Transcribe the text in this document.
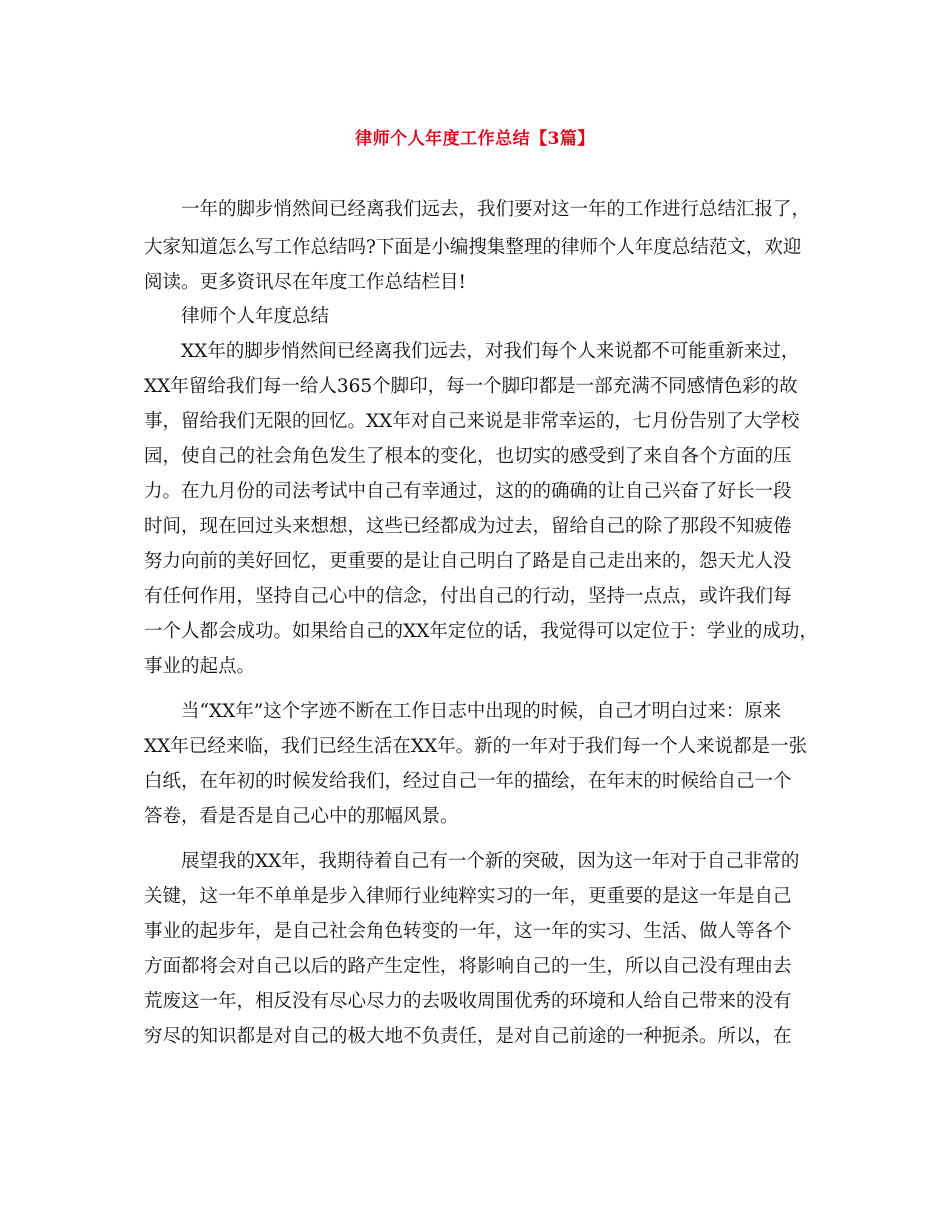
律师个人年度工作总结【3篇】
一年的脚步悄然间已经离我们远去，我们要对这一年的工作进行总结汇报了，
大家知道怎么写工作总结吗?下面是小编搜集整理的律师个人年度总结范文，欢迎
阅读。更多资讯尽在年度工作总结栏目!
律师个人年度总结
XX年的脚步悄然间已经离我们远去，对我们每个人来说都不可能重新来过，
XX年留给我们每一给人365个脚印，每一个脚印都是一部充满不同感情色彩的故
事，留给我们无限的回忆。XX年对自己来说是非常幸运的，七月份告别了大学校
园，使自己的社会角色发生了根本的变化，也切实的感受到了来自各个方面的压
力。在九月份的司法考试中自己有幸通过，这的的确确的让自己兴奋了好长一段
时间，现在回过头来想想，这些已经都成为过去，留给自己的除了那段不知疲倦
努力向前的美好回忆，更重要的是让自己明白了路是自己走出来的，怨天尤人没
有任何作用，坚持自己心中的信念，付出自己的行动，坚持一点点，或许我们每
一个人都会成功。如果给自己的XX年定位的话，我觉得可以定位于：学业的成功，
事业的起点。
当“XX年”这个字迹不断在工作日志中出现的时候，自己才明白过来：原来
XX年已经来临，我们已经生活在XX年。新的一年对于我们每一个人来说都是一张
白纸，在年初的时候发给我们，经过自己一年的描绘，在年末的时候给自己一个
答卷，看是否是自己心中的那幅风景。
展望我的XX年，我期待着自己有一个新的突破，因为这一年对于自己非常的
关键，这一年不单单是步入律师行业纯粹实习的一年，更重要的是这一年是自己
事业的起步年，是自己社会角色转变的一年，这一年的实习、生活、做人等各个
方面都将会对自己以后的路产生定性，将影响自己的一生，所以自己没有理由去
荒废这一年，相反没有尽心尽力的去吸收周围优秀的环境和人给自己带来的没有
穷尽的知识都是对自己的极大地不负责任，是对自己前途的一种扼杀。所以，在
